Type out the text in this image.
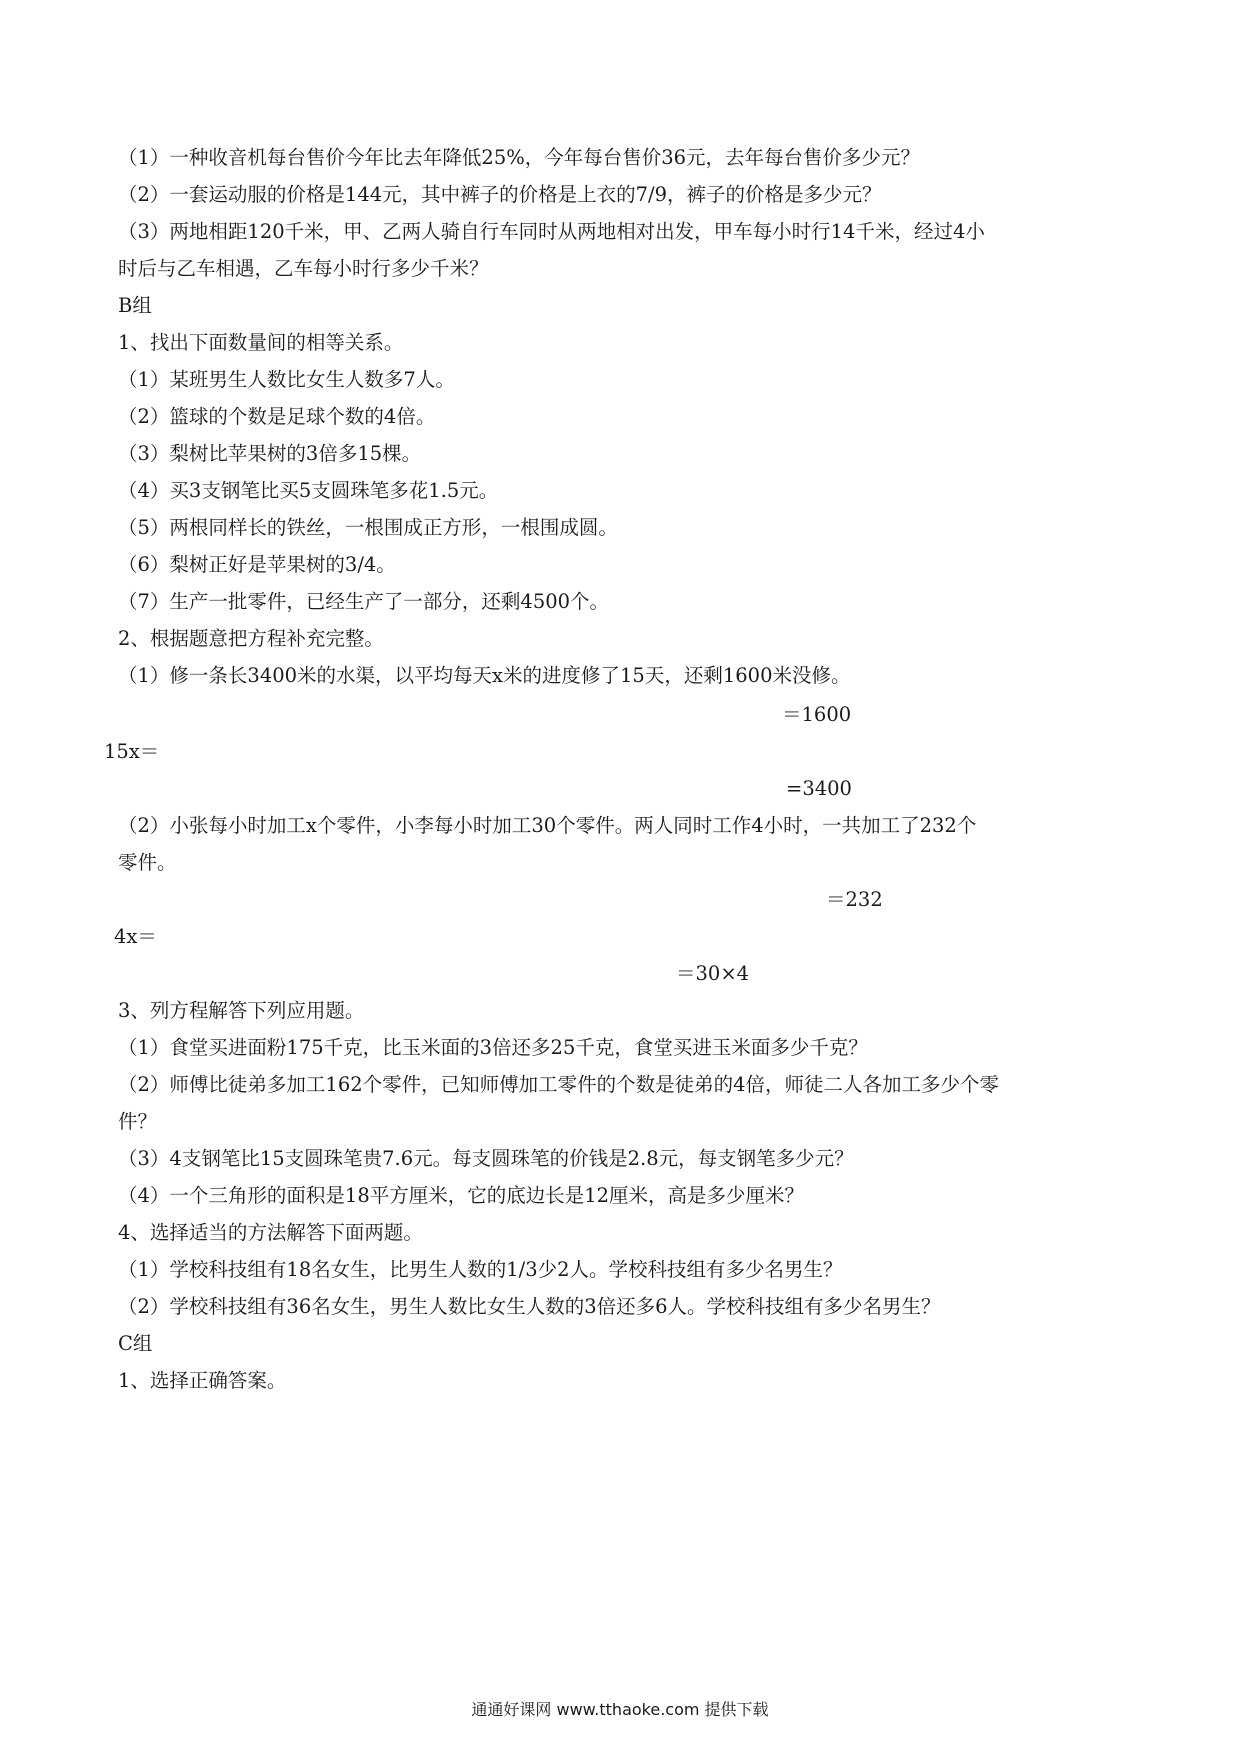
（1）一种收音机每台售价今年比去年降低25%，今年每台售价36元，去年每台售价多少元？
（2）一套运动服的价格是144元，其中裤子的价格是上衣的7/9，裤子的价格是多少元？
（3）两地相距120千米，甲、乙两人骑自行车同时从两地相对出发，甲车每小时行14千米，经过4小
时后与乙车相遇，乙车每小时行多少千米？
B组
1、找出下面数量间的相等关系。
（1）某班男生人数比女生人数多7人。
（2）篮球的个数是足球个数的4倍。
（3）梨树比苹果树的3倍多15棵。
（4）买3支钢笔比买5支圆珠笔多花1.5元。
（5）两根同样长的铁丝，一根围成正方形，一根围成圆。
（6）梨树正好是苹果树的3/4。
（7）生产一批零件，已经生产了一部分，还剩4500个。
2、根据题意把方程补充完整。
（1）修一条长3400米的水渠，以平均每天x米的进度修了15天，还剩1600米没修。
＝1600
15x＝
=3400
（2）小张每小时加工x个零件，小李每小时加工30个零件。两人同时工作4小时，一共加工了232个
零件。
＝232
4x＝
＝30×4
3、列方程解答下列应用题。
（1）食堂买进面粉175千克，比玉米面的3倍还多25千克，食堂买进玉米面多少千克？
（2）师傅比徒弟多加工162个零件，已知师傅加工零件的个数是徒弟的4倍，师徒二人各加工多少个零
件？
（3）4支钢笔比15支圆珠笔贵7.6元。每支圆珠笔的价钱是2.8元，每支钢笔多少元？
（4）一个三角形的面积是18平方厘米，它的底边长是12厘米，高是多少厘米？
4、选择适当的方法解答下面两题。
（1）学校科技组有18名女生，比男生人数的1/3少2人。学校科技组有多少名男生？
（2）学校科技组有36名女生，男生人数比女生人数的3倍还多6人。学校科技组有多少名男生？
C组
1、选择正确答案。
通通好课网 www.tthaoke.com 提供下载
